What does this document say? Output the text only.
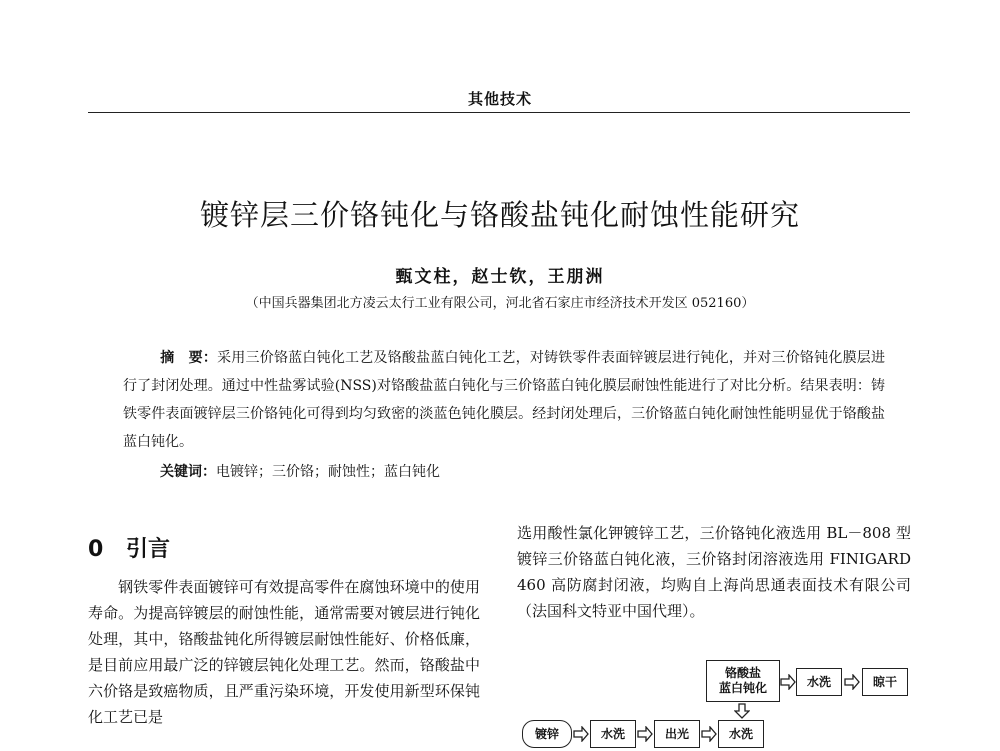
其他技术
镀锌层三价铬钝化与铬酸盐钝化耐蚀性能研究
甄文柱，赵士钦，王朋洲
（中国兵器集团北方凌云太行工业有限公司，河北省石家庄市经济技术开发区 052160）
摘　要：采用三价铬蓝白钝化工艺及铬酸盐蓝白钝化工艺，对铸铁零件表面锌镀层进行钝化，并对三价铬钝化膜层进行了封闭处理。通过中性盐雾试验(NSS)对铬酸盐蓝白钝化与三价铬蓝白钝化膜层耐蚀性能进行了对比分析。结果表明：铸铁零件表面镀锌层三价铬钝化可得到均匀致密的淡蓝色钝化膜层。经封闭处理后，三价铬蓝白钝化耐蚀性能明显优于铬酸盐蓝白钝化。
关键词：电镀锌；三价铬；耐蚀性；蓝白钝化
0 引言
钢铁零件表面镀锌可有效提高零件在腐蚀环境中的使用寿命。为提高锌镀层的耐蚀性能，通常需要对镀层进行钝化处理，其中，铬酸盐钝化所得镀层耐蚀性能好、价格低廉，是目前应用最广泛的锌镀层钝化处理工艺。然而，铬酸盐中六价铬是致癌物质，且严重污染环境，开发使用新型环保钝化工艺已是
选用酸性氯化钾镀锌工艺，三价铬钝化液选用 BL－808 型镀锌三价铬蓝白钝化液，三价铬封闭溶液选用 FINIGARD 460 高防腐封闭液，均购自上海尚思通表面技术有限公司（法国科文特亚中国代理）。
铬酸盐
蓝白钝化	水洗	晾干
镀锌	水洗	出光	水洗
